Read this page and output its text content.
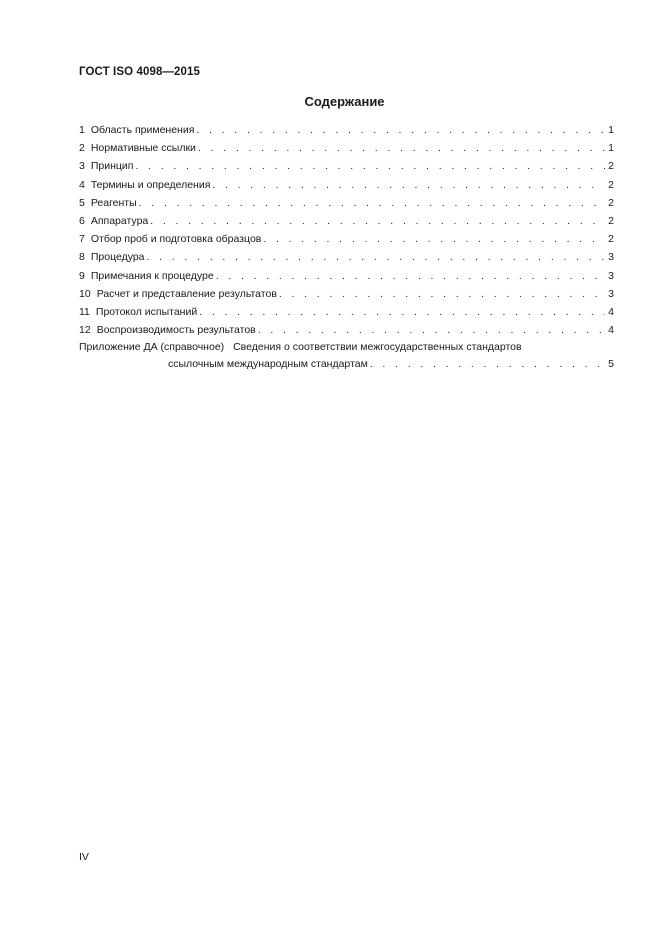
ГОСТ ISO 4098—2015
Содержание
1 Область применения . . .	1
2 Нормативные ссылки . . .	1
3 Принцип . . .	2
4 Термины и определения . . .	2
5 Реагенты . . .	2
6 Аппаратура . . .	2
7 Отбор проб и подготовка образцов . . .	2
8 Процедура . . .	3
9 Примечания к процедуре . . .	3
10 Расчет и представление результатов . . .	3
11 Протокол испытаний . . .	4
12 Воспроизводимость результатов . . .	4
Приложение ДА (справочное) Сведения о соответствии межгосударственных стандартов
ссылочным международным стандартам . . .	5
IV
